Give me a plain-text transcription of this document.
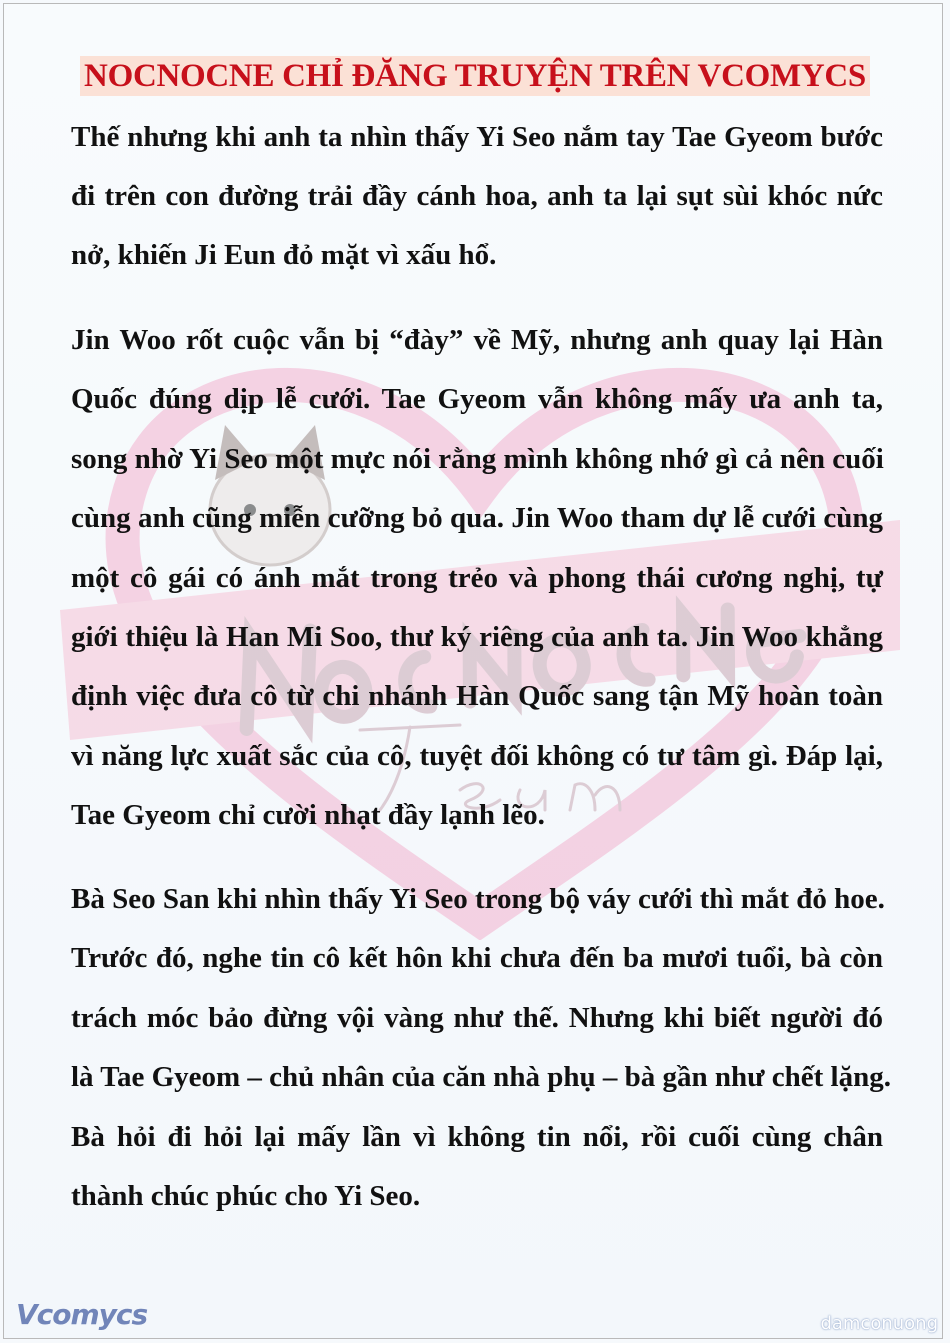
NOCNOCNE CHỈ ĐĂNG TRUYỆN TRÊN VCOMYCS
Thế nhưng khi anh ta nhìn thấy Yi Seo nắm tay Tae Gyeom bước
đi trên con đường trải đầy cánh hoa, anh ta lại sụt sùi khóc nức
nở, khiến Ji Eun đỏ mặt vì xấu hổ.
Jin Woo rốt cuộc vẫn bị “đày” về Mỹ, nhưng anh quay lại Hàn
Quốc đúng dịp lễ cưới. Tae Gyeom vẫn không mấy ưa anh ta,
song nhờ Yi Seo một mực nói rằng mình không nhớ gì cả nên cuối
cùng anh cũng miễn cưỡng bỏ qua. Jin Woo tham dự lễ cưới cùng
một cô gái có ánh mắt trong trẻo và phong thái cương nghị, tự
giới thiệu là Han Mi Soo, thư ký riêng của anh ta. Jin Woo khẳng
định việc đưa cô từ chi nhánh Hàn Quốc sang tận Mỹ hoàn toàn
vì năng lực xuất sắc của cô, tuyệt đối không có tư tâm gì. Đáp lại,
Tae Gyeom chỉ cười nhạt đầy lạnh lẽo.
Bà Seo San khi nhìn thấy Yi Seo trong bộ váy cưới thì mắt đỏ hoe.
Trước đó, nghe tin cô kết hôn khi chưa đến ba mươi tuổi, bà còn
trách móc bảo đừng vội vàng như thế. Nhưng khi biết người đó
là Tae Gyeom – chủ nhân của căn nhà phụ – bà gần như chết lặng.
Bà hỏi đi hỏi lại mấy lần vì không tin nổi, rồi cuối cùng chân
thành chúc phúc cho Yi Seo.
Vcomycs	damconuong
